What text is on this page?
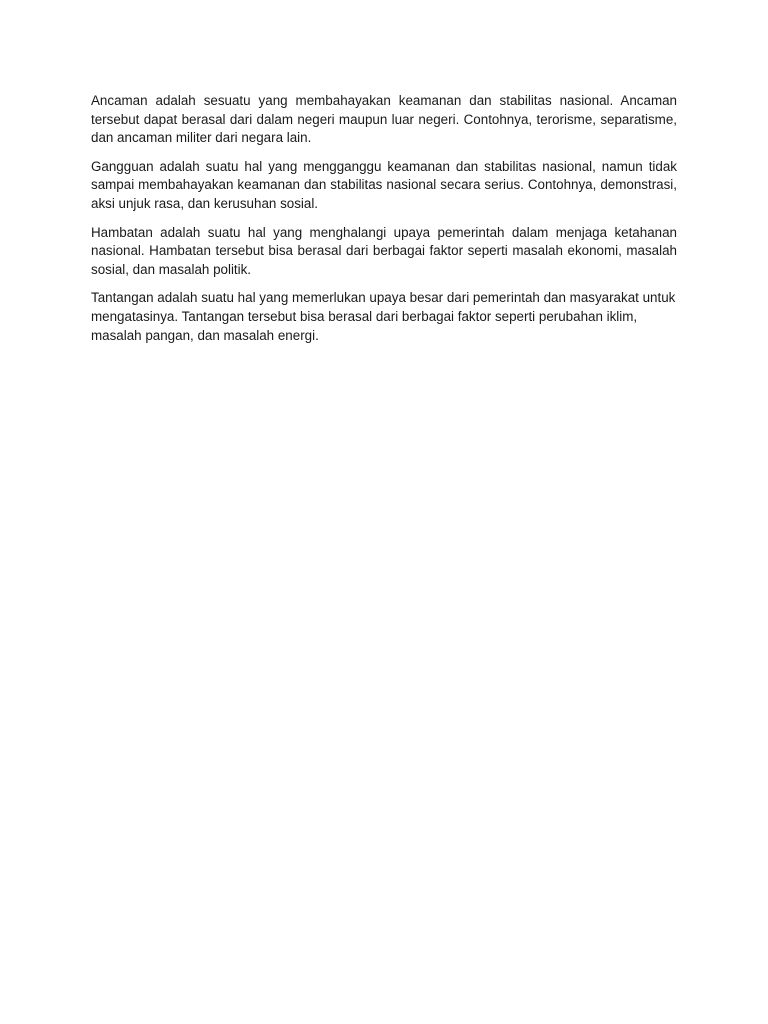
Ancaman adalah sesuatu yang membahayakan keamanan dan stabilitas nasional. Ancaman tersebut dapat berasal dari dalam negeri maupun luar negeri. Contohnya, terorisme, separatisme, dan ancaman militer dari negara lain.

Gangguan adalah suatu hal yang mengganggu keamanan dan stabilitas nasional, namun tidak sampai membahayakan keamanan dan stabilitas nasional secara serius. Contohnya, demonstrasi, aksi unjuk rasa, dan kerusuhan sosial.

Hambatan adalah suatu hal yang menghalangi upaya pemerintah dalam menjaga ketahanan nasional. Hambatan tersebut bisa berasal dari berbagai faktor seperti masalah ekonomi, masalah sosial, dan masalah politik.

Tantangan adalah suatu hal yang memerlukan upaya besar dari pemerintah dan masyarakat untuk mengatasinya. Tantangan tersebut bisa berasal dari berbagai faktor seperti perubahan iklim, masalah pangan, dan masalah energi.
